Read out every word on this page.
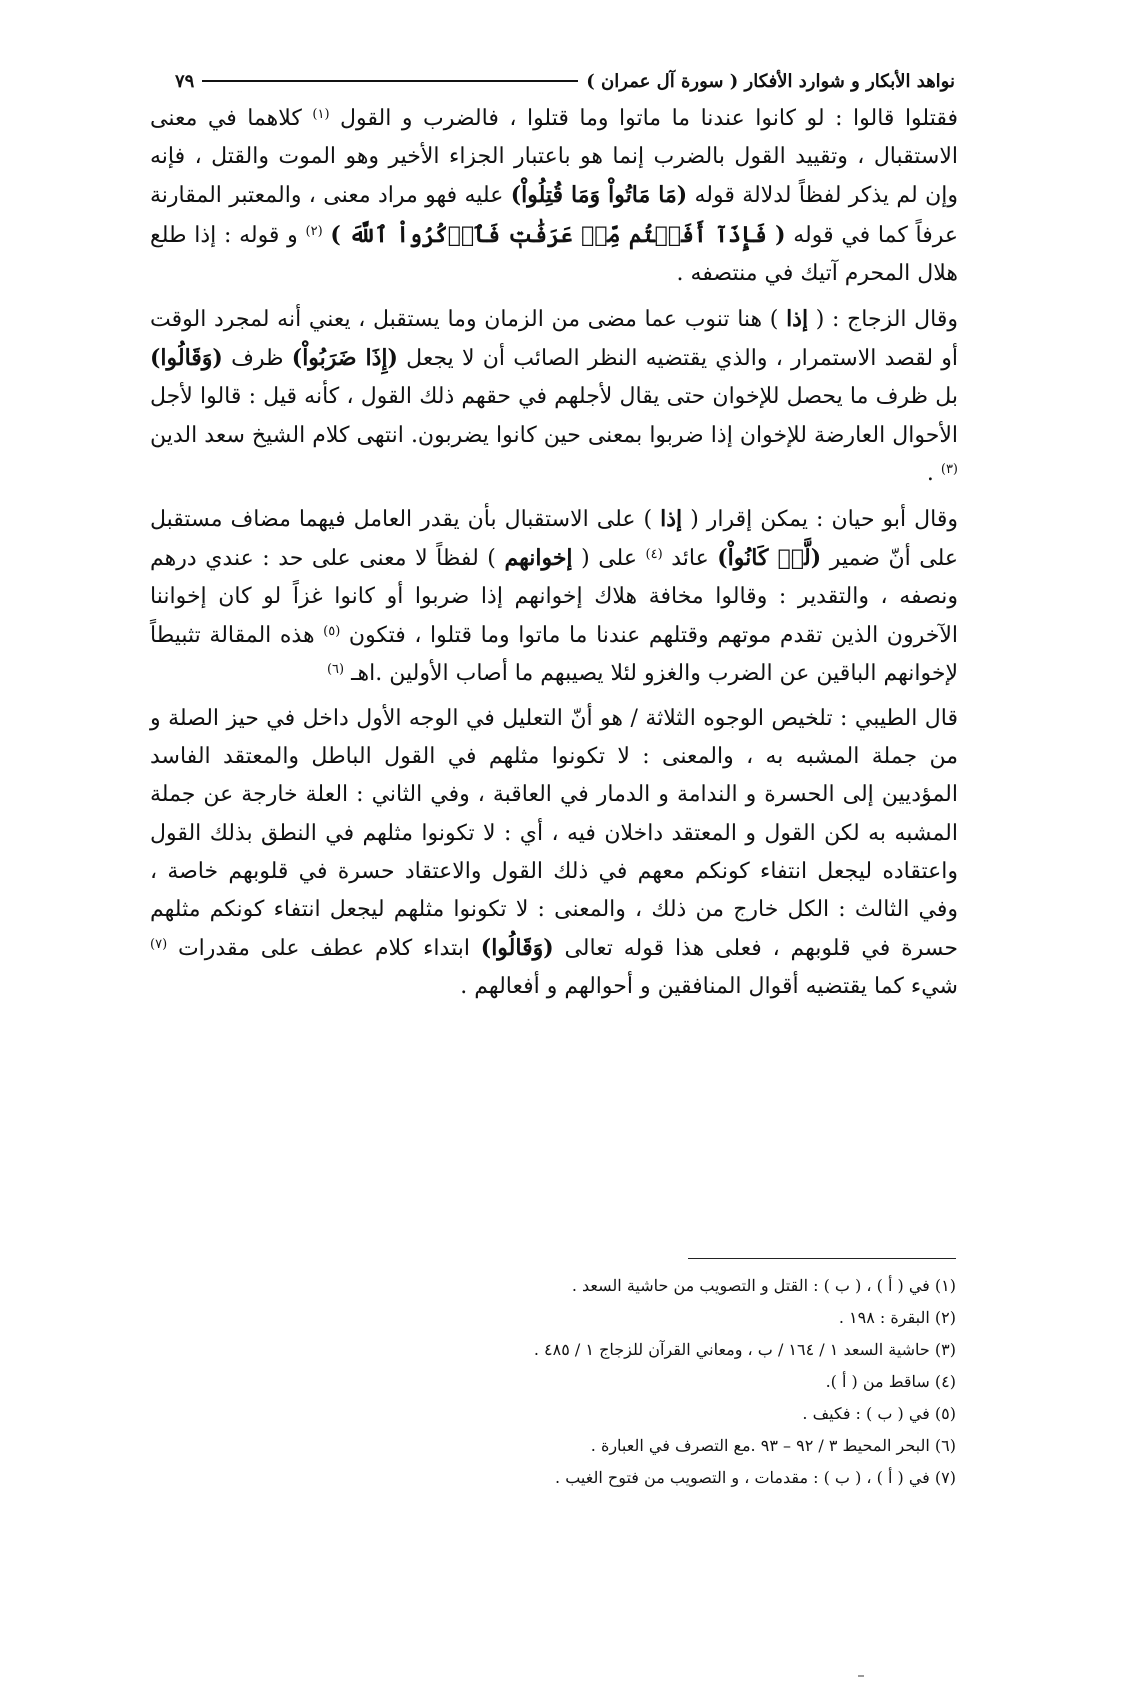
نواهد الأبكار و شوارد الأفكار ( سورة آل عمران )
٧٩

فقتلوا قالوا : لو كانوا عندنا ما ماتوا وما قتلوا ، فالضرب و القول $^{(١)}$ كلاهما في معنى الاستقبال ، وتقييد القول بالضرب إنما هو باعتبار الجزاء الأخير وهو الموت والقتل ، فإنه وإن لم يذكر لفظاً لدلالة قوله (مَا مَاتُواْ وَمَا قُتِلُواْ) عليه فهو مراد معنى ، والمعتبر المقارنة عرفاً كما في قوله ( فَإِذَآ أَفَضۡتُم مِّنۡ عَرَفَٰتٖ فَٱذۡكُرُواْ ٱللَّهَ ) $^{(٢)}$ و قوله : إذا طلع هلال المحرم آتيك في منتصفه .

وقال الزجاج : ( إذا ) هنا تنوب عما مضى من الزمان وما يستقبل ، يعني أنه لمجرد الوقت أو لقصد الاستمرار ، والذي يقتضيه النظر الصائب أن لا يجعل (إِذَا ضَرَبُواْ) ظرف (وَقَالُوا) بل ظرف ما يحصل للإخوان حتى يقال لأجلهم في حقهم ذلك القول ، كأنه قيل : قالوا لأجل الأحوال العارضة للإخوان إذا ضربوا بمعنى حين كانوا يضربون. انتهى كلام الشيخ سعد الدين $^{(٣)}$ .

وقال أبو حيان : يمكن إقرار ( إذا ) على الاستقبال بأن يقدر العامل فيهما مضاف مستقبل على أنّ ضمير (لَّوۡ كَانُواْ) عائد $^{(٤)}$ على ( إخوانهم ) لفظاً لا معنى على حد : عندي درهم ونصفه ، والتقدير : وقالوا مخافة هلاك إخوانهم إذا ضربوا أو كانوا غزاً لو كان إخواننا الآخرون الذين تقدم موتهم وقتلهم عندنا ما ماتوا وما قتلوا ، فتكون $^{(٥)}$ هذه المقالة تثبيطاً لإخوانهم الباقين عن الضرب والغزو لئلا يصيبهم ما أصاب الأولين .اهـ $^{(٦)}$

قال الطيبي : تلخيص الوجوه الثلاثة / هو أنّ التعليل في الوجه الأول داخل في حيز الصلة و من جملة المشبه به ، والمعنى : لا تكونوا مثلهم في القول الباطل والمعتقد الفاسد المؤديين إلى الحسرة و الندامة و الدمار في العاقبة ، وفي الثاني : العلة خارجة عن جملة المشبه به لكن القول و المعتقد داخلان فيه ، أي : لا تكونوا مثلهم في النطق بذلك القول واعتقاده ليجعل انتفاء كونكم معهم في ذلك القول والاعتقاد حسرة في قلوبهم خاصة ، وفي الثالث : الكل خارج من ذلك ، والمعنى : لا تكونوا مثلهم ليجعل انتفاء كونكم مثلهم حسرة في قلوبهم ، فعلى هذا قوله تعالى (وَقَالُوا) ابتداء كلام عطف على مقدرات $^{(٧)}$ شيء كما يقتضيه أقوال المنافقين و أحوالهم و أفعالهم .

(١) في ( أ ) ، ( ب ) : القتل و التصويب من حاشية السعد .
(٢) البقرة : ١٩٨ .
(٣) حاشية السعد ١ / ١٦٤ / ب ، ومعاني القرآن للزجاج ١ / ٤٨٥ .
(٤) ساقط من ( أ ).
(٥) في ( ب ) : فكيف .
(٦) البحر المحيط ٣ / ٩٢ – ٩٣ .مع التصرف في العبارة .
(٧) في ( أ ) ، ( ب ) : مقدمات ، و التصويب من فتوح الغيب .
